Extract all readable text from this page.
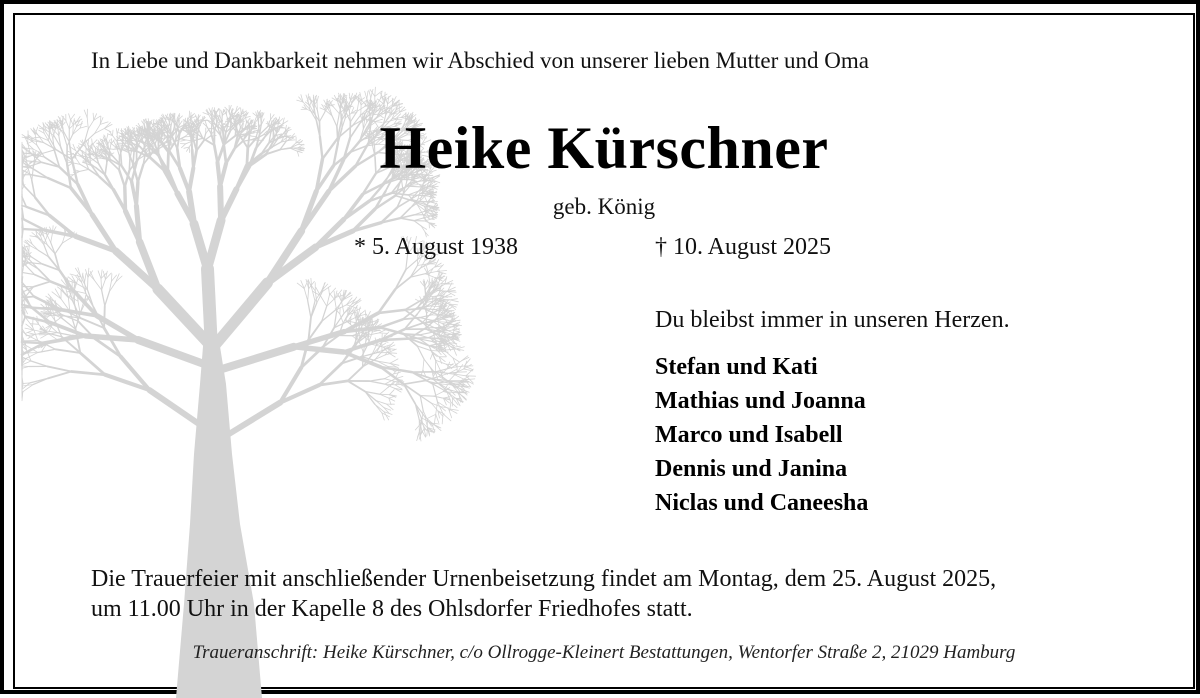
In Liebe und Dankbarkeit nehmen wir Abschied von unserer lieben Mutter und Oma
Heike Kürschner
geb. König
* 5. August 1938	† 10. August 2025
Du bleibst immer in unseren Herzen.
Stefan und Kati
Mathias und Joanna
Marco und Isabell
Dennis und Janina
Niclas und Caneesha
Die Trauerfeier mit anschließender Urnenbeisetzung findet am Montag, dem 25. August 2025,
um 11.00 Uhr in der Kapelle 8 des Ohlsdorfer Friedhofes statt.
Traueranschrift: Heike Kürschner, c/o Ollrogge-Kleinert Bestattungen, Wentorfer Straße 2, 21029 Hamburg
